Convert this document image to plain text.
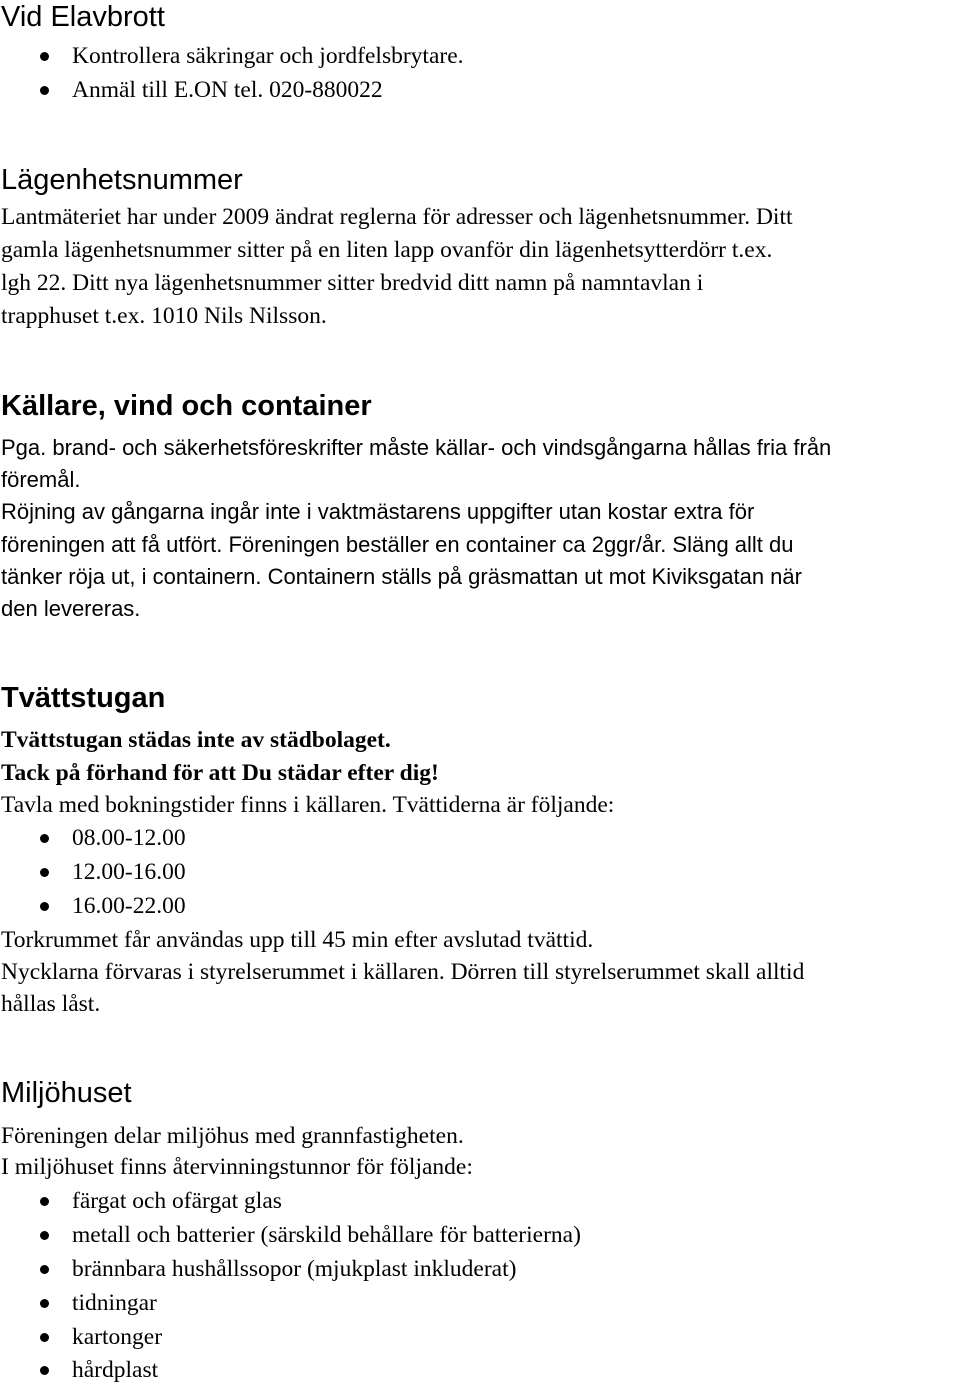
Vid Elavbrott
Kontrollera säkringar och jordfelsbrytare.
Anmäl till E.ON tel. 020-880022
Lägenhetsnummer

Lantmäteriet har under 2009 ändrat reglerna för adresser och lägenhetsnummer. Ditt

gamla lägenhetsnummer sitter på en liten lapp ovanför din lägenhetsytterdörr t.ex.

lgh 22. Ditt nya lägenhetsnummer sitter bredvid ditt namn på namntavlan i

trapphuset t.ex. 1010 Nils Nilsson.

Källare, vind och container

Pga. brand- och säkerhetsföreskrifter måste källar- och vindsgångarna hållas fria från

föremål.

Röjning av gångarna ingår inte i vaktmästarens uppgifter utan kostar extra för

föreningen att få utfört. Föreningen beställer en container ca 2ggr/år. Släng allt du

tänker röja ut, i containern. Containern ställs på gräsmattan ut mot Kiviksgatan när

den levereras.

Tvättstugan

Tvättstugan städas inte av städbolaget.

Tack på förhand för att Du städar efter dig!

Tavla med bokningstider finns i källaren. Tvättiderna är följande:

08.00-12.00
12.00-16.00
16.00-22.00

Torkrummet får användas upp till 45 min efter avslutad tvättid.

Nycklarna förvaras i styrelserummet i källaren. Dörren till styrelserummet skall alltid

hållas låst.

Miljöhuset

Föreningen delar miljöhus med grannfastigheten.

I miljöhuset finns återvinningstunnor för följande:

färgat och ofärgat glas
metall och batterier (särskild behållare för batterierna)
brännbara hushållssopor (mjukplast inkluderat)
tidningar
kartonger
hårdplast
